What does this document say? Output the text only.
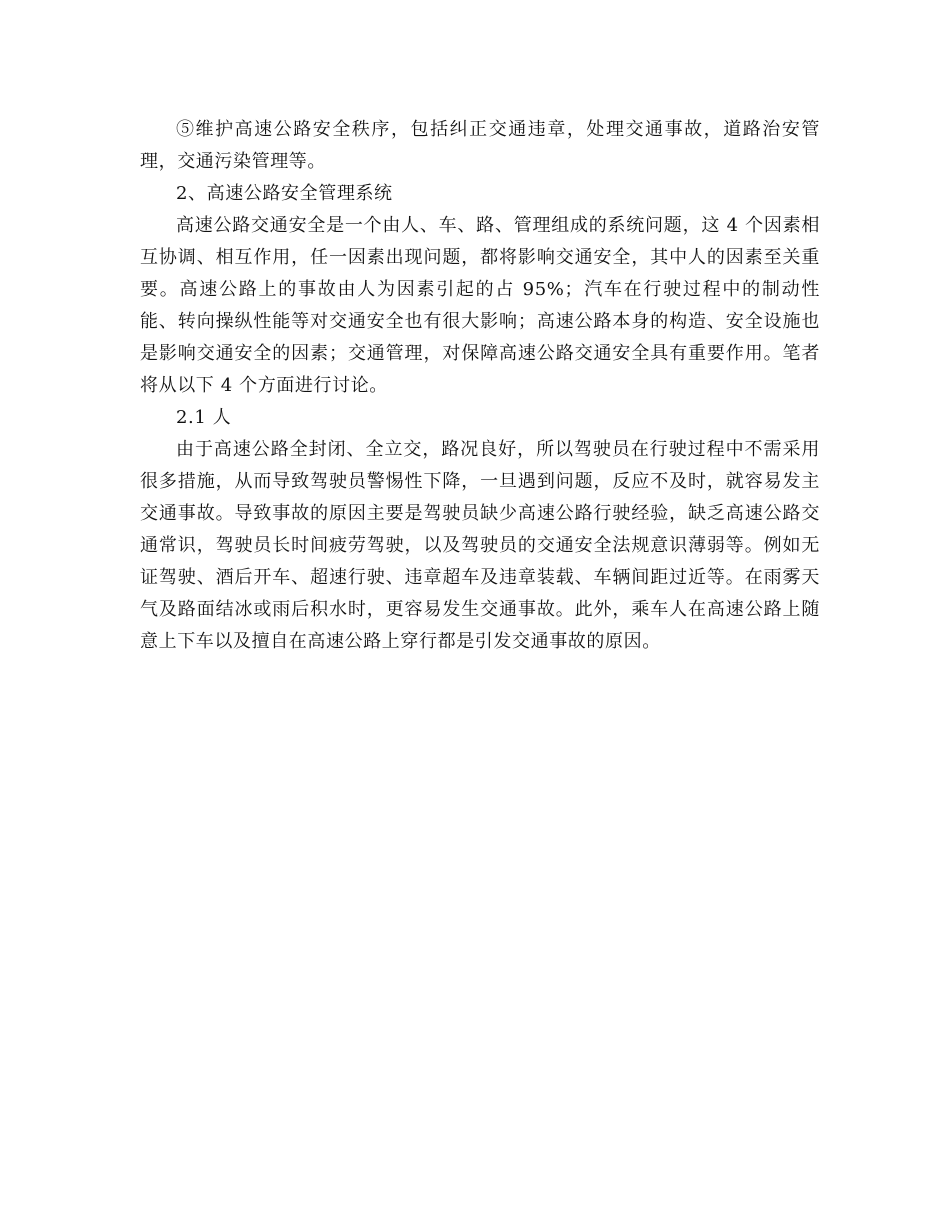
⑤维护高速公路安全秩序，包括纠正交通违章，处理交通事故，道路治安管理，交通污染管理等。

2、高速公路安全管理系统

高速公路交通安全是一个由人、车、路、管理组成的系统问题，这 4 个因素相互协调、相互作用，任一因素出现问题，都将影响交通安全，其中人的因素至关重要。高速公路上的事故由人为因素引起的占 95%；汽车在行驶过程中的制动性能、转向操纵性能等对交通安全也有很大影响；高速公路本身的构造、安全设施也是影响交通安全的因素；交通管理，对保障高速公路交通安全具有重要作用。笔者将从以下 4 个方面进行讨论。

2.1 人

由于高速公路全封闭、全立交，路况良好，所以驾驶员在行驶过程中不需采用很多措施，从而导致驾驶员警惕性下降，一旦遇到问题，反应不及时，就容易发主交通事故。导致事故的原因主要是驾驶员缺少高速公路行驶经验，缺乏高速公路交通常识，驾驶员长时间疲劳驾驶，以及驾驶员的交通安全法规意识薄弱等。例如无证驾驶、酒后开车、超速行驶、违章超车及违章装载、车辆间距过近等。在雨雾天气及路面结冰或雨后积水时，更容易发生交通事故。此外，乘车人在高速公路上随意上下车以及擅自在高速公路上穿行都是引发交通事故的原因。
